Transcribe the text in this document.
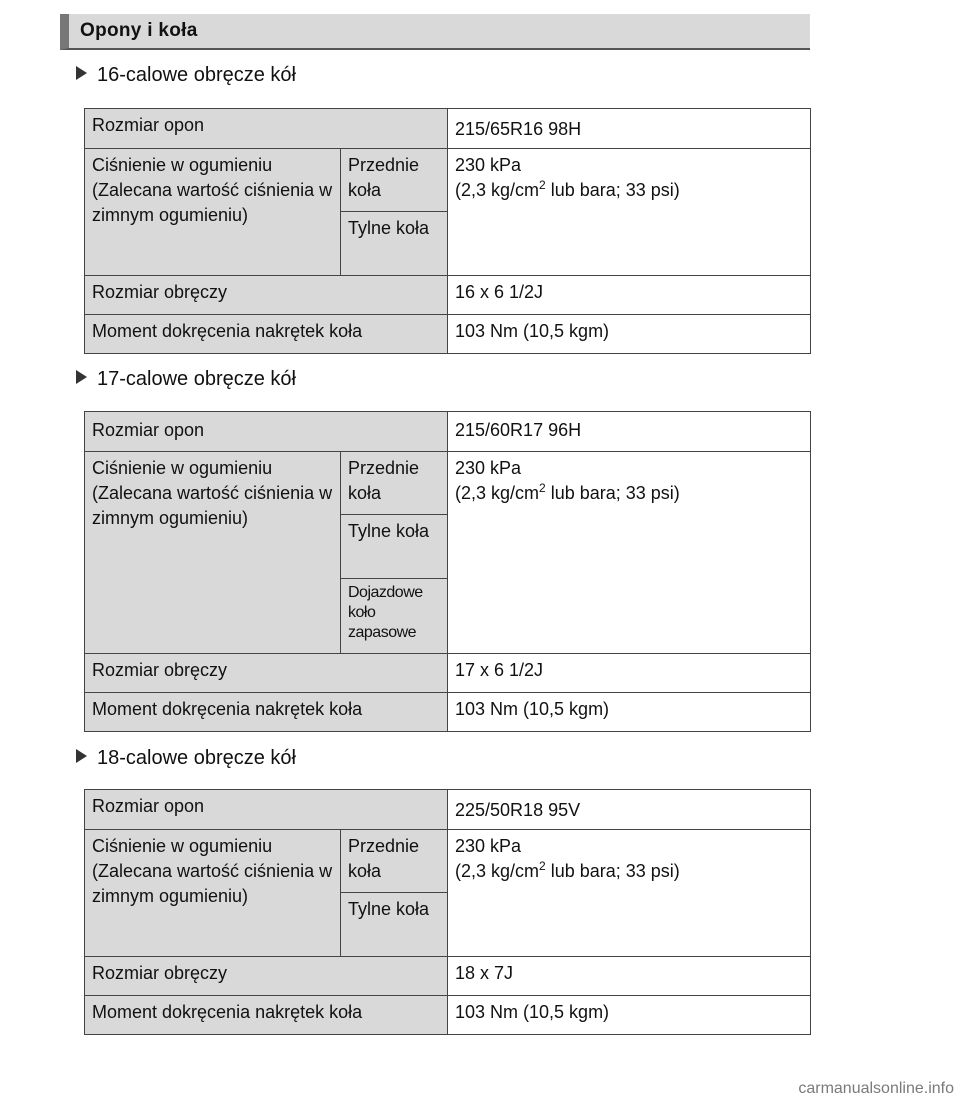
Opony i koła
16-calowe obręcze kół
Rozmiar opon		215/65R16 98H
Ciśnienie w ogumieniu (Zalecana wartość ciśnienia w zimnym ogumieniu)	Przednie koła	230 kPa
(2,3 $kg/cm^2$ lub bara; 33 psi)
	Tylne koła	
Rozmiar obręczy		16 x 6 1/2J
Moment dokręcenia nakrętek koła		103 Nm (10,5 kgm)
17-calowe obręcze kół
Rozmiar opon		215/60R17 96H
Ciśnienie w ogumieniu (Zalecana wartość ciśnienia w zimnym ogumieniu)	Przednie koła	230 kPa
(2,3 $kg/cm^2$ lub bara; 33 psi)
	Tylne koła	
	Dojazdowe koło zapasowe	
Rozmiar obręczy		17 x 6 1/2J
Moment dokręcenia nakrętek koła		103 Nm (10,5 kgm)
18-calowe obręcze kół
Rozmiar opon		225/50R18 95V
Ciśnienie w ogumieniu (Zalecana wartość ciśnienia w zimnym ogumieniu)	Przednie koła	230 kPa
(2,3 $kg/cm^2$ lub bara; 33 psi)
	Tylne koła	
Rozmiar obręczy		18 x 7J
Moment dokręcenia nakrętek koła		103 Nm (10,5 kgm)
carmanualsonline.info
